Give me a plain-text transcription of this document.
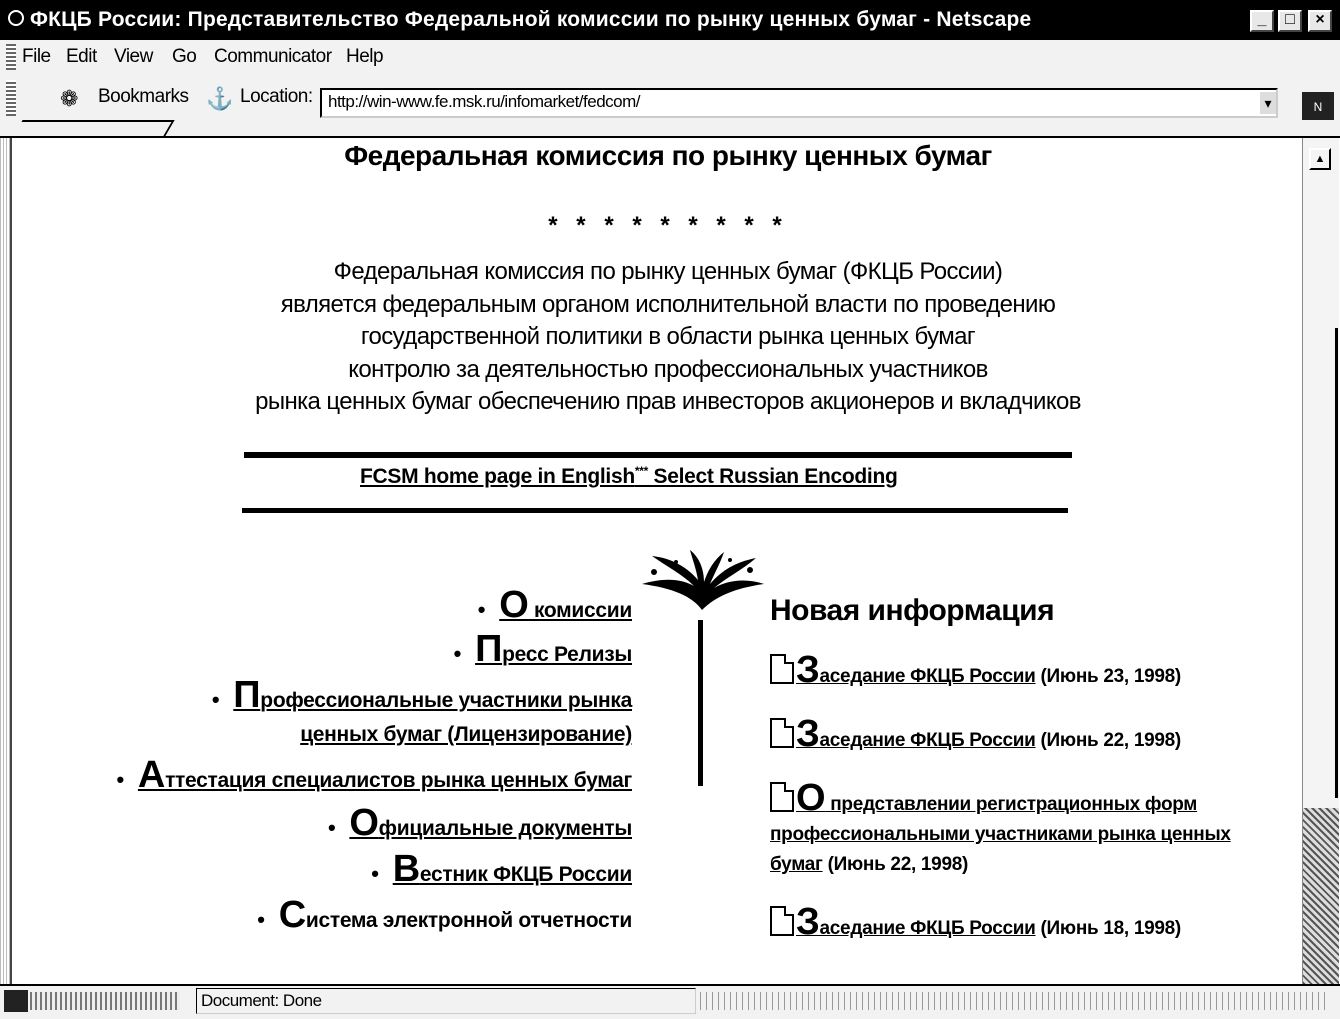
ФКЦБ России: Представительство Федеральной комиссии по рынку ценных бумаг - Netscape	_	□	×
File Edit View Go Communicator Help
❁	Bookmarks ⚓ Location: http://win-www.fe.msk.ru/infomarket/fedcom/	▾	N
Федеральная комиссия по рынку ценных бумаг
* * * * * * * * *
Федеральная комиссия по рынку ценных бумаг (ФКЦБ России)
является федеральным органом исполнительной власти по проведению
государственной политики в области рынка ценных бумаг
контролю за деятельностью профессиональных участников
рынка ценных бумаг обеспечению прав инвесторов акционеров и вкладчиков
FCSM home page in English*** Select Russian Encoding
• О комиссии
• Пресс Релизы
• Профессиональные участники рынка ценных бумаг (Лицензирование)
• Аттестация специалистов рынка ценных бумаг
• Официальные документы
• Вестник ФКЦБ России
• Система электронной отчетности
Новая информация
Заседание ФКЦБ России (Июнь 23, 1998)
Заседание ФКЦБ России (Июнь 22, 1998)
О представлении регистрационных форм профессиональными участниками рынка ценных бумаг (Июнь 22, 1998)
Заседание ФКЦБ России (Июнь 18, 1998)
▲
Document: Done
